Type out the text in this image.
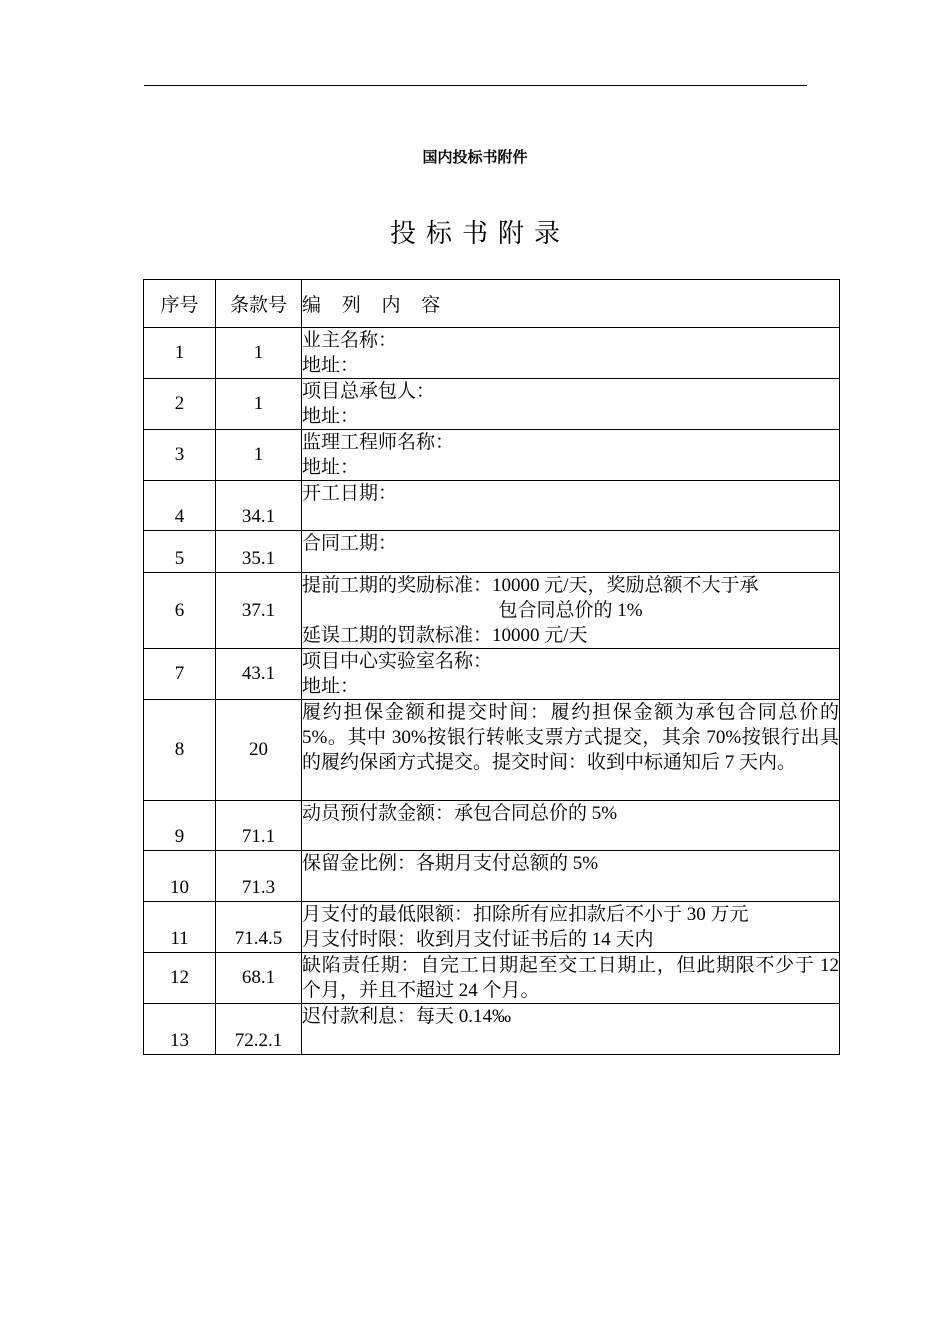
国内投标书附件
投标书附录
序号	条款号	编 列 内 容
1	1	业主名称：
地址：

2	1	项目总承包人：
地址：

3	1	监理工程师名称：
地址：

4	34.1	开工日期：

5	35.1	合同工期：

6	37.1	提前工期的奖励标准：10000 元/天，奖励总额不大于承
包合同总价的 1%
延误工期的罚款标准：10000 元/天

7	43.1	项目中心实验室名称：
地址：

8	20	履约担保金额和提交时间：履约担保金额为承包合同总价的 5%。其中 30%按银行转帐支票方式提交，其余 70%按银行出具的履约保函方式提交。提交时间：收到中标通知后 7 天内。

9	71.1	动员预付款金额：承包合同总价的 5%

10	71.3	保留金比例：各期月支付总额的 5%

11	71.4.5	月支付的最低限额：扣除所有应扣款后不小于 30 万元
月支付时限：收到月支付证书后的 14 天内

12	68.1	缺陷责任期：自完工日期起至交工日期止，但此期限不少于 12 个月，并且不超过 24 个月。

13	72.2.1	迟付款利息：每天 0.14‰
